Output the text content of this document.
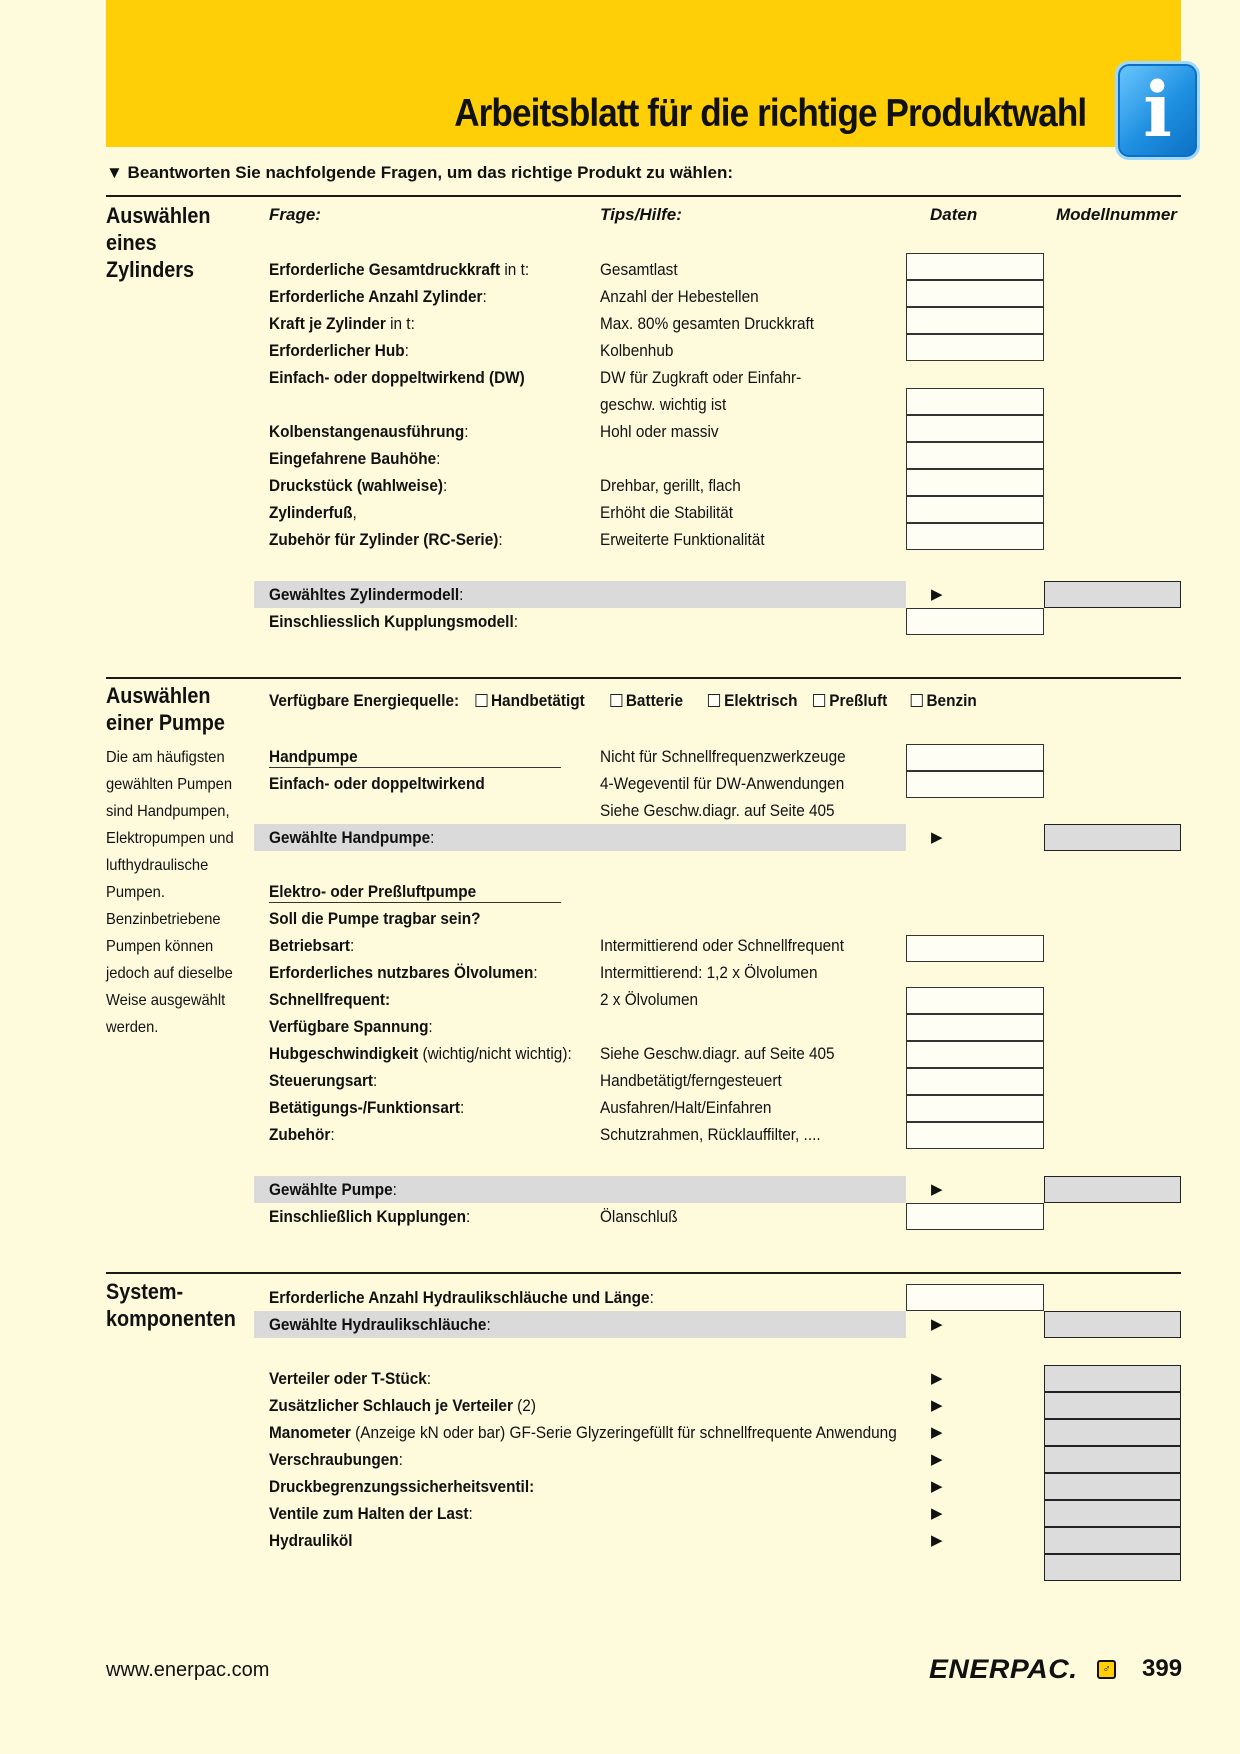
Arbeitsblatt für die richtige Produktwahl i
▼ Beantworten Sie nachfolgende Fragen, um das richtige Produkt zu wählen:
Frage:	Tips/Hilfe:	Daten	Modellnummer
Auswählen
eines
Zylinders	Erforderliche Gesamtdruckkraft in t:	Gesamtlast
Erforderliche Anzahl Zylinder:	Anzahl der Hebestellen
Kraft je Zylinder in t:	Max. 80% gesamten Druckkraft
Erforderlicher Hub:	Kolbenhub
Einfach- oder doppeltwirkend (DW)	DW für Zugkraft oder Einfahr-
geschw. wichtig ist
Kolbenstangenausführung:	Hohl oder massiv
Eingefahrene Bauhöhe:
Druckstück (wahlweise):	Drehbar, gerillt, flach
Zylinderfuß,	Erhöht die Stabilität
Zubehör für Zylinder (RC-Serie):	Erweiterte Funktionalität
Gewähltes Zylindermodell:	▶
Einschliesslich Kupplungsmodell:
Auswählen
einer Pumpe
Die am häufigsten gewählten Pumpen sind Handpumpen, Elektropumpen und lufthydraulische Pumpen. Benzinbetriebene Pumpen können jedoch auf dieselbe Weise ausgewählt werden.
Verfügbare Energiequelle: Handbetätigt Batterie Elektrisch Preßluft Benzin
Handpumpe	Nicht für Schnellfrequenzwerkzeuge
Einfach- oder doppeltwirkend	4-Wegeventil für DW-Anwendungen
Siehe Geschw.diagr. auf Seite 405
Gewählte Handpumpe:	▶
Elektro- oder Preßluftpumpe
Soll die Pumpe tragbar sein?
Betriebsart:	Intermittierend oder Schnellfrequent
Erforderliches nutzbares Ölvolumen:	Intermittierend: 1,2 x Ölvolumen
Schnellfrequent:	2 x Ölvolumen
Verfügbare Spannung:
Hubgeschwindigkeit (wichtig/nicht wichtig): Siehe Geschw.diagr. auf Seite 405
Steuerungsart:	Handbetätigt/ferngesteuert
Betätigungs-/Funktionsart:	Ausfahren/Halt/Einfahren
Zubehör:	Schutzrahmen, Rücklauffilter, ....
Gewählte Pumpe:	▶
Einschließlich Kupplungen:	Ölanschluß
System-
komponenten
Erforderliche Anzahl Hydraulikschläuche und Länge:
Gewählte Hydraulikschläuche:	▶
Verteiler oder T-Stück:	▶
Zusätzlicher Schlauch je Verteiler (2)	▶
Manometer (Anzeige kN oder bar) GF-Serie Glyzeringefüllt für schnellfrequente Anwendung ▶
Verschraubungen:	▶
Druckbegrenzungssicherheitsventil:	▶
Ventile zum Halten der Last:	▶
Hydrauliköl	▶
www.enerpac.com	ENERPAC.	♂ 399
